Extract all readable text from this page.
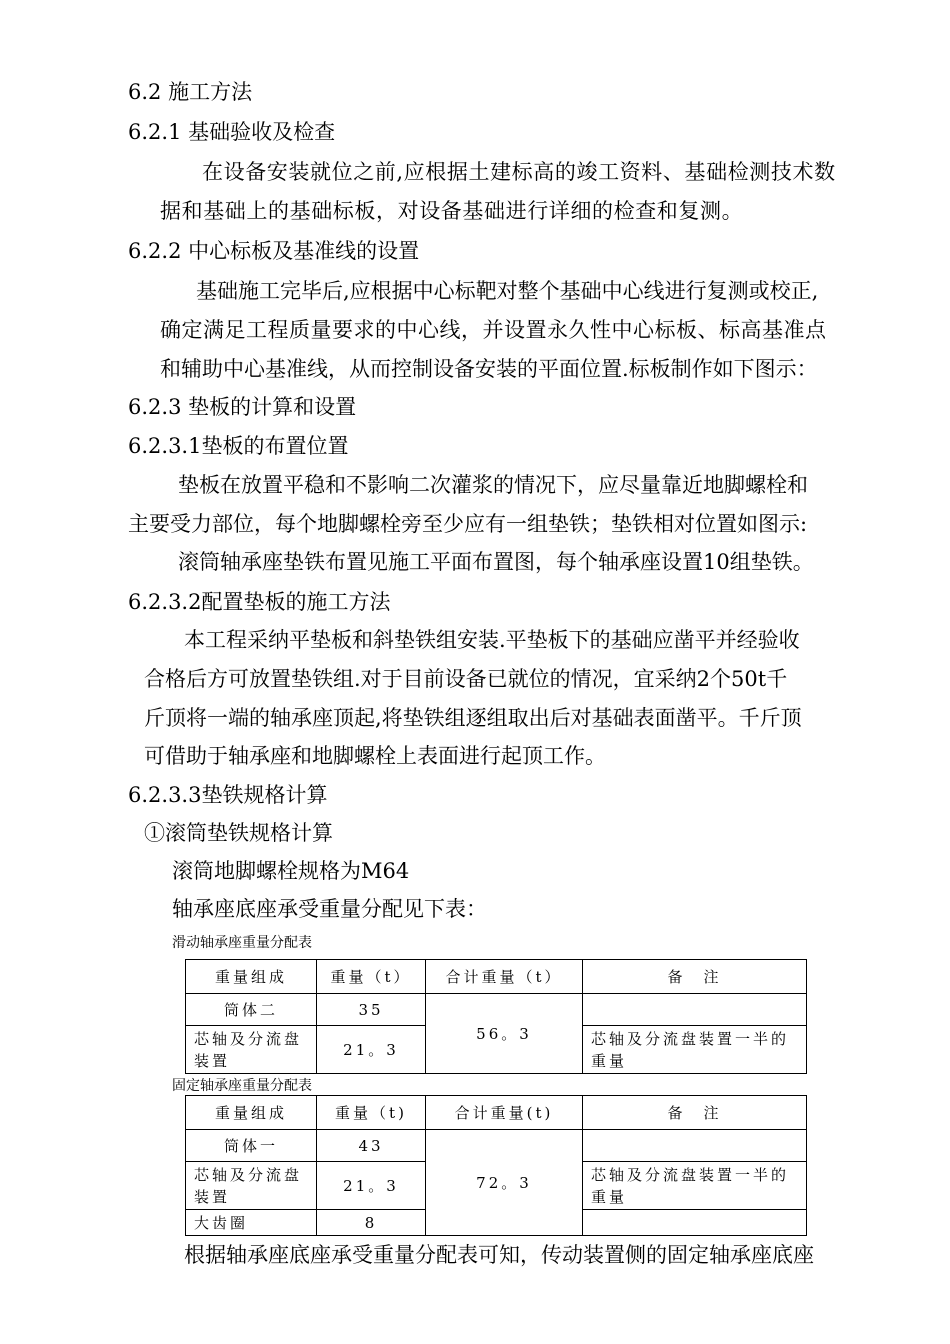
6.2 施工方法
6.2.1 基础验收及检查
在设备安装就位之前,应根据土建标高的竣工资料、基础检测技术数
据和基础上的基础标板，对设备基础进行详细的检查和复测。
6.2.2 中心标板及基准线的设置
基础施工完毕后,应根据中心标靶对整个基础中心线进行复测或校正,
确定满足工程质量要求的中心线，并设置永久性中心标板、标高基准点
和辅助中心基准线，从而控制设备安装的平面位置.标板制作如下图示：
6.2.3 垫板的计算和设置
6.2.3.1垫板的布置位置
垫板在放置平稳和不影响二次灌浆的情况下，应尽量靠近地脚螺栓和
主要受力部位，每个地脚螺栓旁至少应有一组垫铁；垫铁相对位置如图示:
滚筒轴承座垫铁布置见施工平面布置图，每个轴承座设置10组垫铁。
6.2.3.2配置垫板的施工方法
本工程采纳平垫板和斜垫铁组安装.平垫板下的基础应凿平并经验收
合格后方可放置垫铁组.对于目前设备已就位的情况，宜采纳2个50t千
斤顶将一端的轴承座顶起,将垫铁组逐组取出后对基础表面凿平。千斤顶
可借助于轴承座和地脚螺栓上表面进行起顶工作。
6.2.3.3垫铁规格计算
①滚筒垫铁规格计算
滚筒地脚螺栓规格为M64
轴承座底座承受重量分配见下表：
滑动轴承座重量分配表
重量组成	重量（t）	合计重量（t）	备　注
筒体二	35	56。3	
芯轴及分流盘装置	21。3		芯轴及分流盘装置一半的重量
固定轴承座重量分配表
重量组成	重量（t)	合计重量(t)	备　注
筒体一	43	72。3	
芯轴及分流盘装置	21。3		芯轴及分流盘装置一半的重量
大齿圈	8		
根据轴承座底座承受重量分配表可知，传动装置侧的固定轴承座底座
